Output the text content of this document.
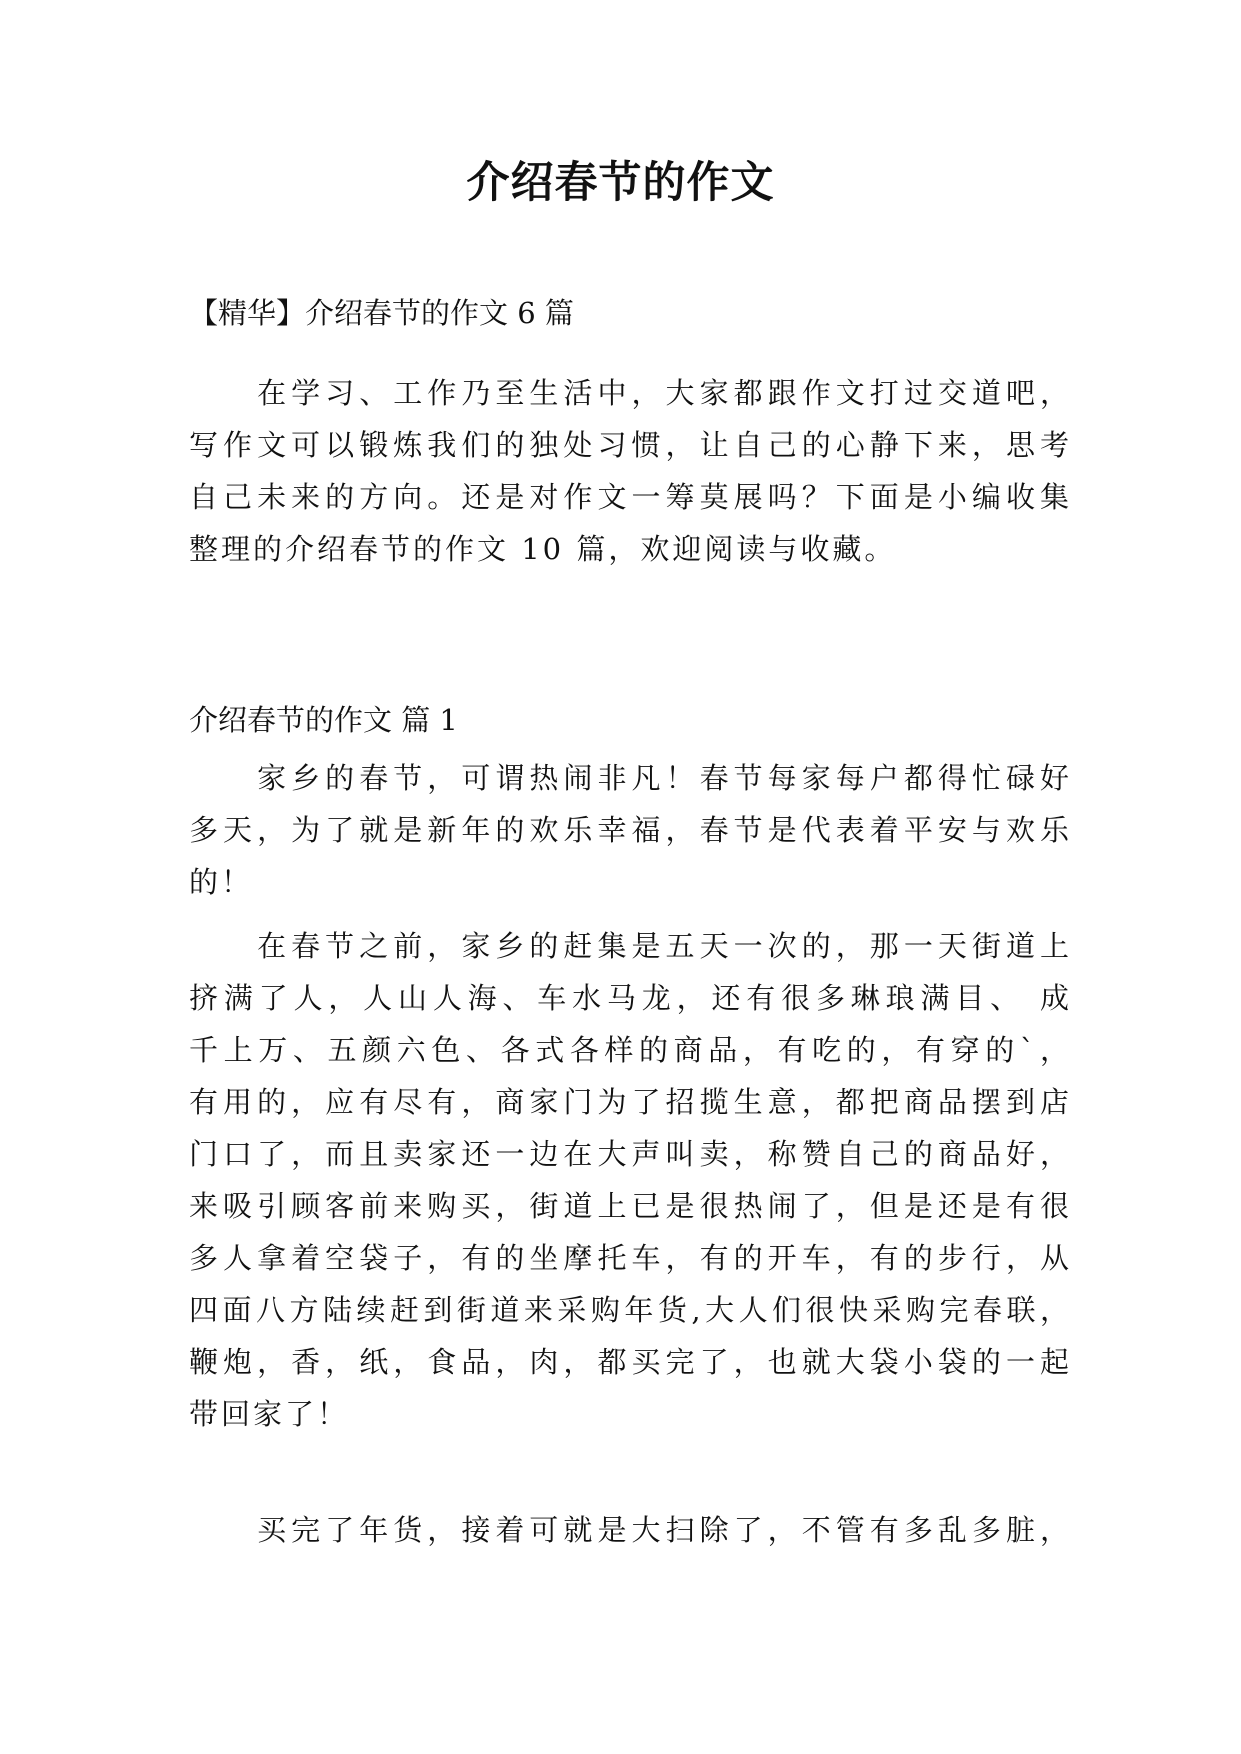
介绍春节的作文
【精华】介绍春节的作文 6 篇
　　在学习、工作乃至生活中，大家都跟作文打过交道吧，
写作文可以锻炼我们的独处习惯，让自己的心静下来，思考
自己未来的方向。还是对作文一筹莫展吗？下面是小编收集
整理的介绍春节的作文 10 篇，欢迎阅读与收藏。
介绍春节的作文 篇 1
　　家乡的春节，可谓热闹非凡！春节每家每户都得忙碌好
多天，为了就是新年的欢乐幸福，春节是代表着平安与欢乐
的！
　　在春节之前，家乡的赶集是五天一次的，那一天街道上
挤满了人，人山人海、车水马龙，还有很多琳琅满目、 成
千上万、五颜六色、各式各样的商品，有吃的，有穿的`，
有用的，应有尽有，商家门为了招揽生意，都把商品摆到店
门口了，而且卖家还一边在大声叫卖，称赞自己的商品好，
来吸引顾客前来购买，街道上已是很热闹了，但是还是有很
多人拿着空袋子，有的坐摩托车，有的开车，有的步行，从
四面八方陆续赶到街道来采购年货,大人们很快采购完春联，
鞭炮，香，纸，食品，肉，都买完了，也就大袋小袋的一起
带回家了！
　　买完了年货，接着可就是大扫除了，不管有多乱多脏，
